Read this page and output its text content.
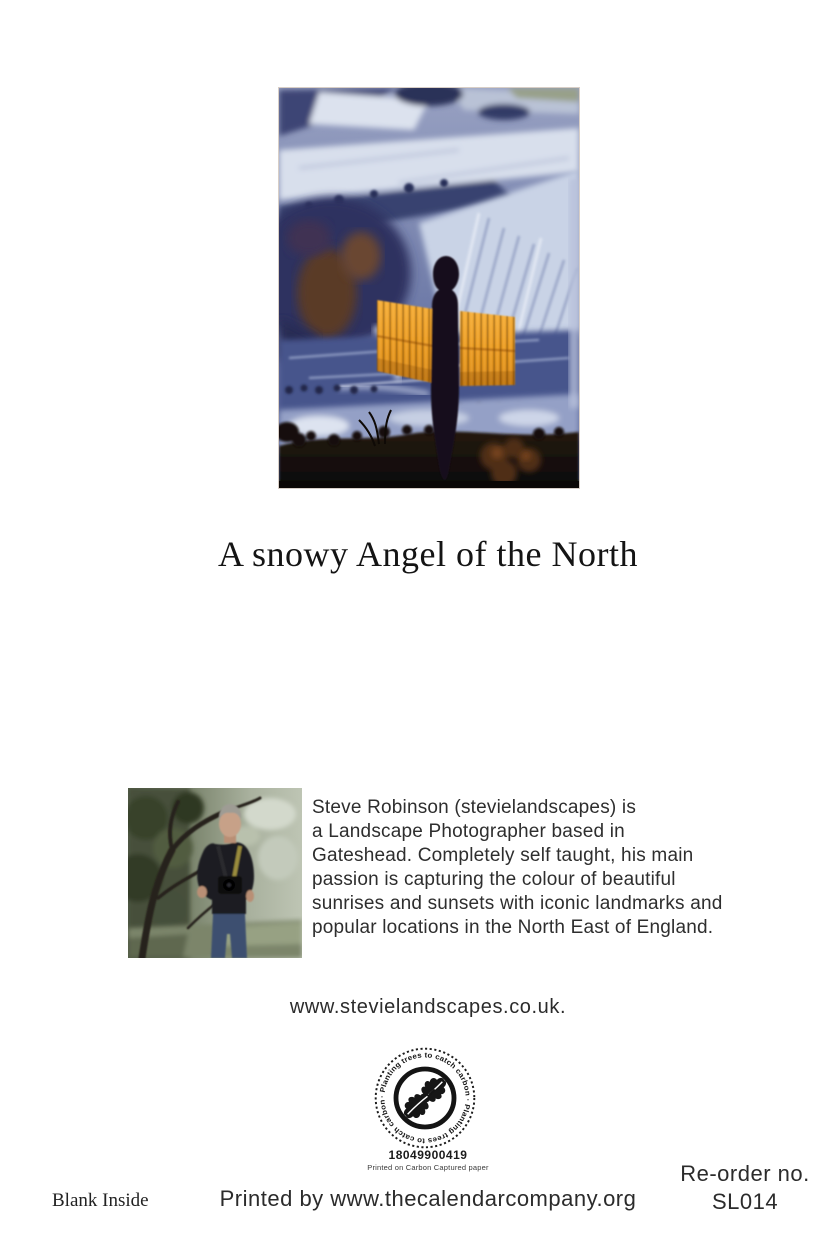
A snowy Angel of the North
Steve Robinson (stevielandscapes) is
a Landscape Photographer based in
Gateshead. Completely self taught, his main
passion is capturing the colour of beautiful
sunrises and sunsets with iconic landmarks and
popular locations in the North East of England.
www.stevielandscapes.co.uk.
· Planting trees to catch carbon · Planting trees to catch carbon
18049900419
Printed on Carbon Captured paper
Blank Inside	Printed by www.thecalendarcompany.org
Re-order no.
SL014
